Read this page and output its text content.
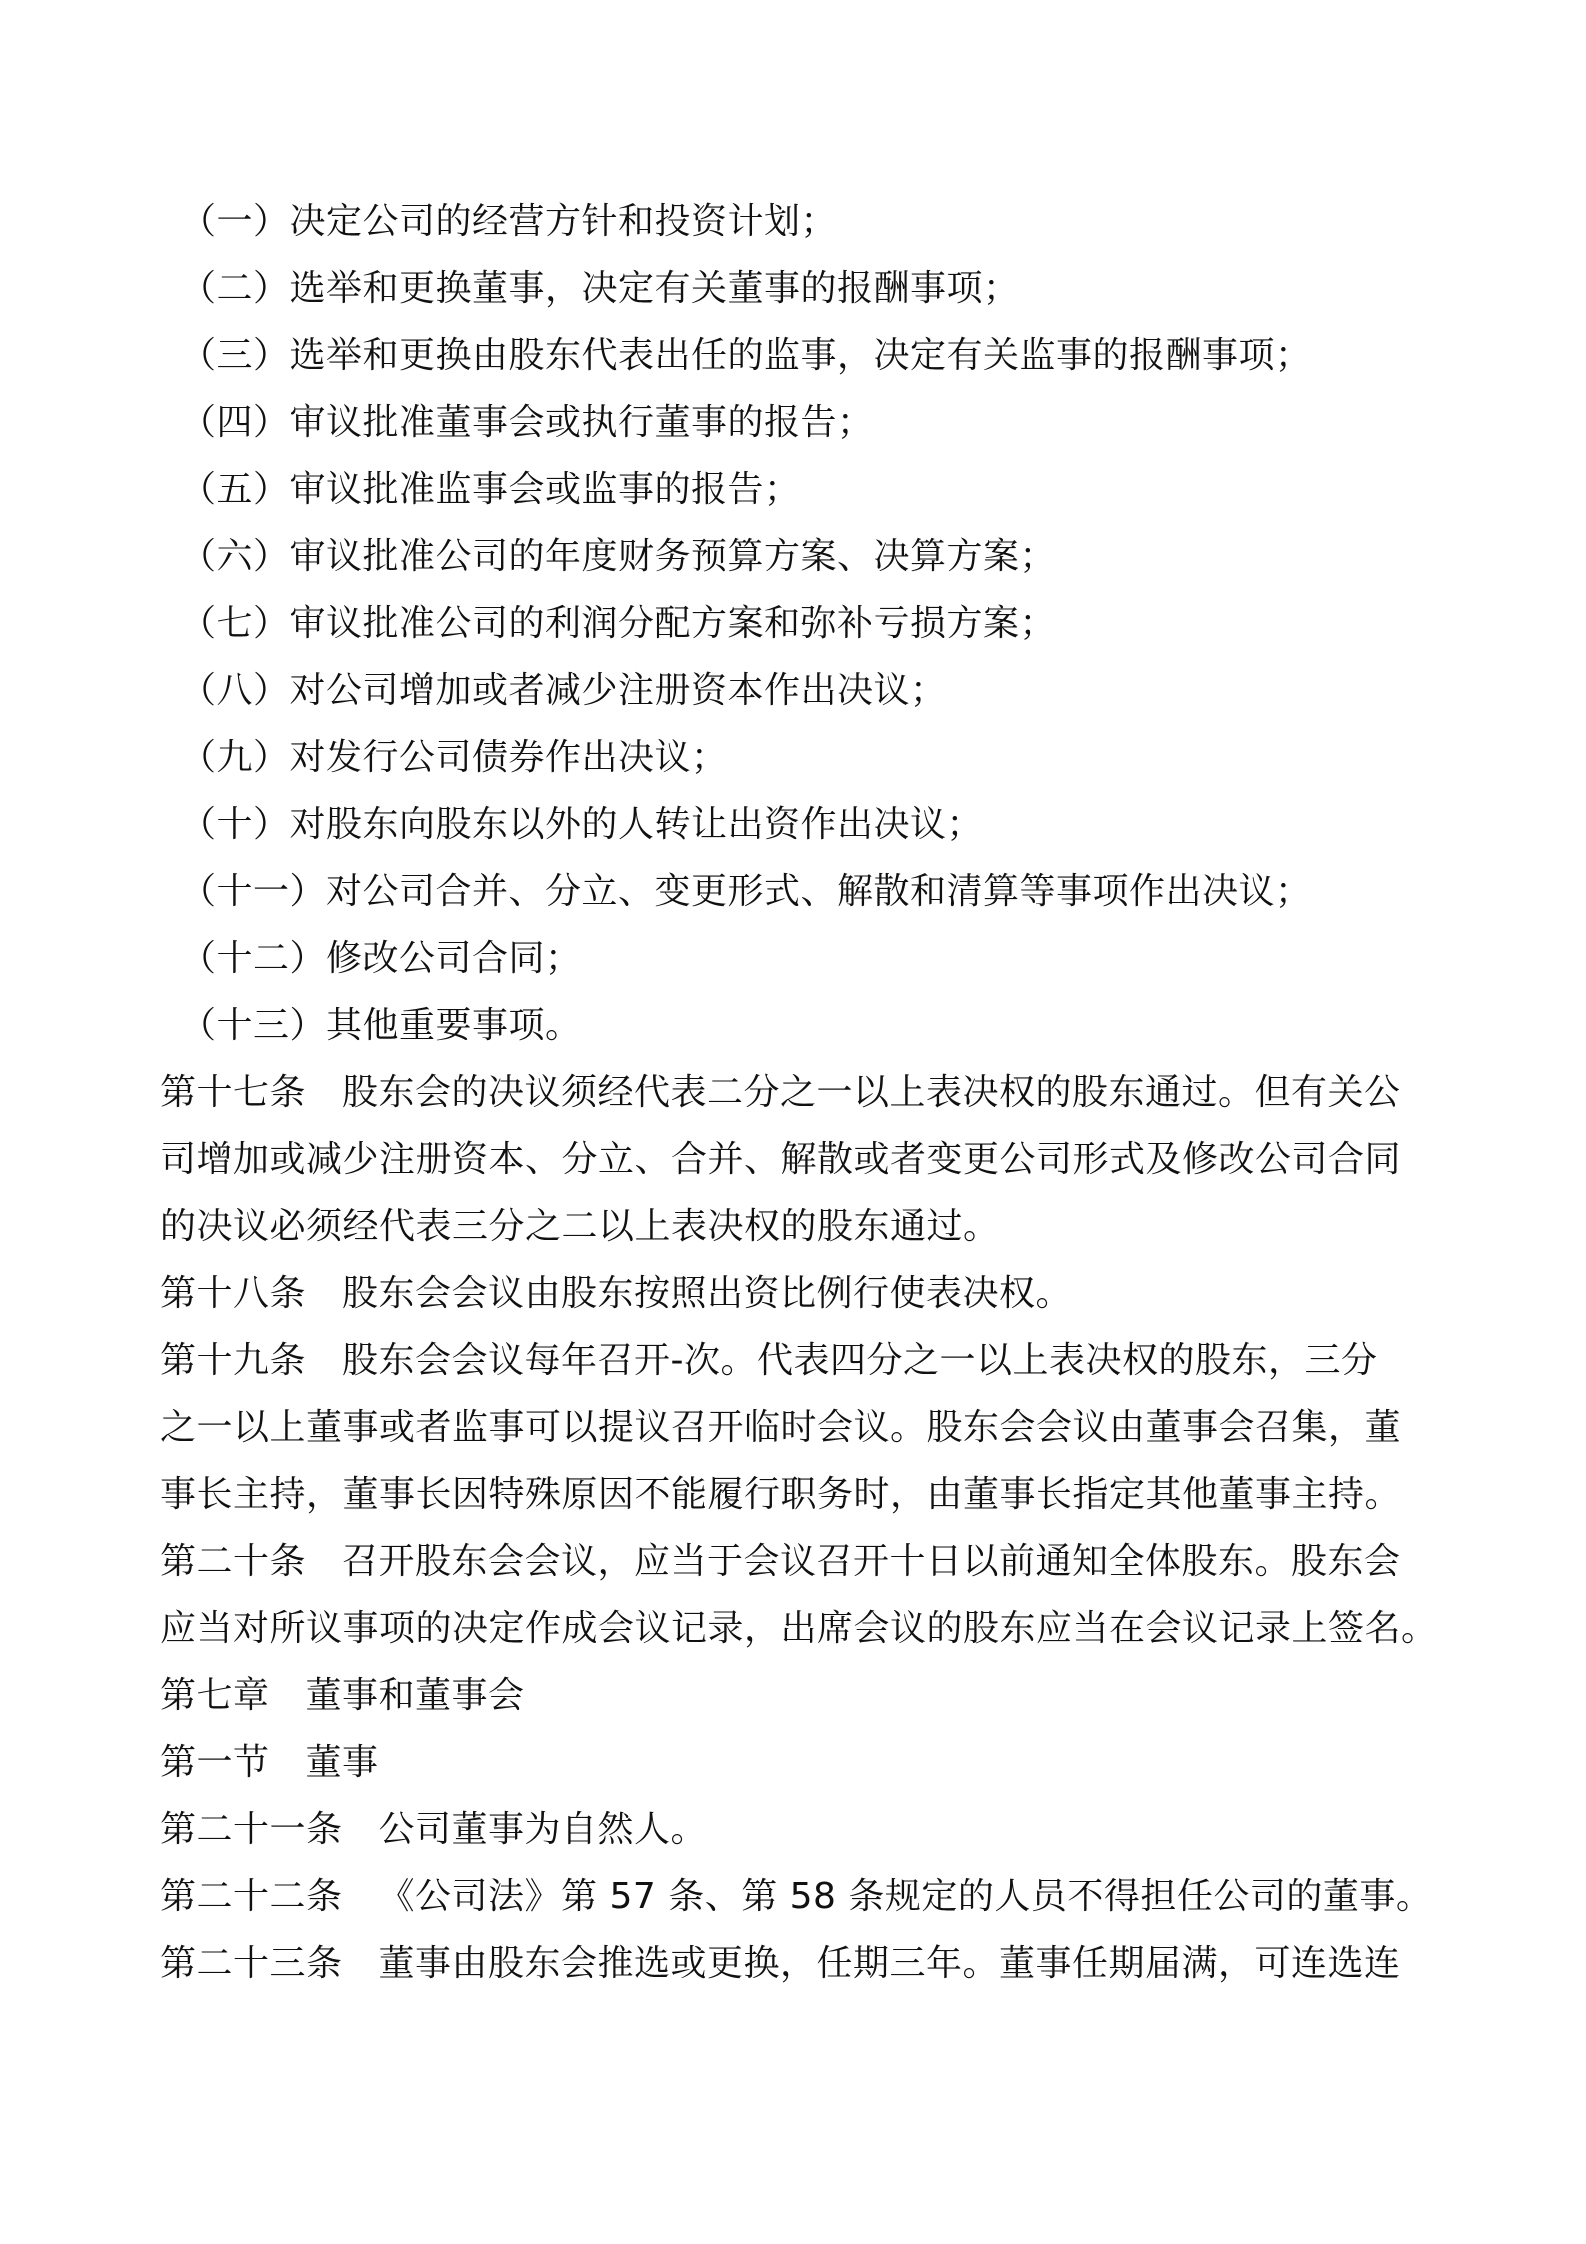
（一）决定公司的经营方针和投资计划；
（二）选举和更换董事，决定有关董事的报酬事项；
（三）选举和更换由股东代表出任的监事，决定有关监事的报酬事项；
（四）审议批准董事会或执行董事的报告；
（五）审议批准监事会或监事的报告；
（六）审议批准公司的年度财务预算方案、决算方案；
（七）审议批准公司的利润分配方案和弥补亏损方案；
（八）对公司增加或者减少注册资本作出决议；
（九）对发行公司债券作出决议；
（十）对股东向股东以外的人转让出资作出决议；
（十一）对公司合并、分立、变更形式、解散和清算等事项作出决议；
（十二）修改公司合同；
（十三）其他重要事项。
第十七条 股东会的决议须经代表二分之一以上表决权的股东通过。但有关公
司增加或减少注册资本、分立、合并、解散或者变更公司形式及修改公司合同
的决议必须经代表三分之二以上表决权的股东通过。
第十八条 股东会会议由股东按照出资比例行使表决权。
第十九条 股东会会议每年召开-次。代表四分之一以上表决权的股东，三分
之一以上董事或者监事可以提议召开临时会议。股东会会议由董事会召集，董
事长主持，董事长因特殊原因不能履行职务时，由董事长指定其他董事主持。
第二十条 召开股东会会议，应当于会议召开十日以前通知全体股东。股东会
应当对所议事项的决定作成会议记录，出席会议的股东应当在会议记录上签名。
第七章 董事和董事会
第一节 董事
第二十一条 公司董事为自然人。
第二十二条 《公司法》第 57 条、第 58 条规定的人员不得担任公司的董事。
第二十三条 董事由股东会推选或更换，任期三年。董事任期届满，可连选连
